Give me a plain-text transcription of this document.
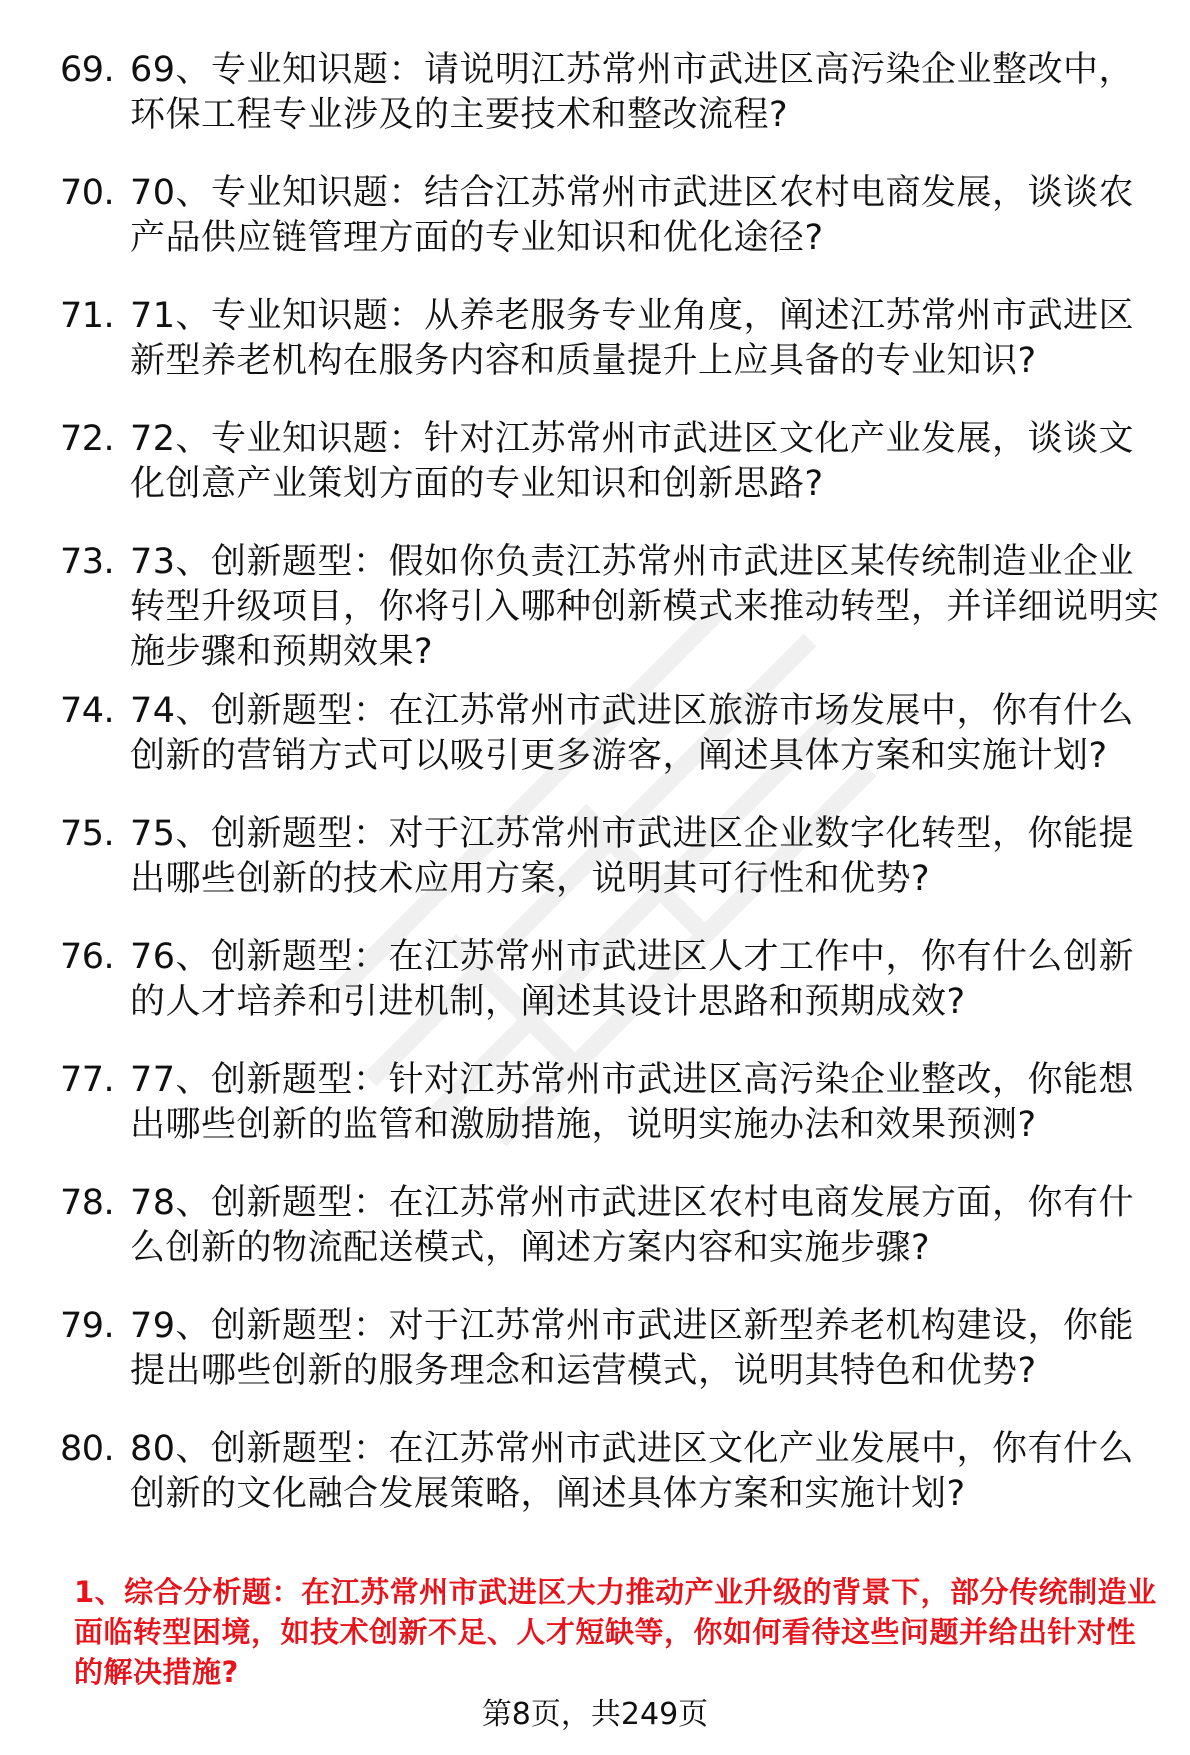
69. 69、专业知识题：请说明江苏常州市武进区高污染企业整改中，环保工程专业涉及的主要技术和整改流程?
70. 70、专业知识题：结合江苏常州市武进区农村电商发展，谈谈农产品供应链管理方面的专业知识和优化途径?
71. 71、专业知识题：从养老服务专业角度，阐述江苏常州市武进区新型养老机构在服务内容和质量提升上应具备的专业知识?
72. 72、专业知识题：针对江苏常州市武进区文化产业发展，谈谈文化创意产业策划方面的专业知识和创新思路?
73. 73、创新题型：假如你负责江苏常州市武进区某传统制造业企业转型升级项目，你将引入哪种创新模式来推动转型，并详细说明实施步骤和预期效果?
74. 74、创新题型：在江苏常州市武进区旅游市场发展中，你有什么创新的营销方式可以吸引更多游客，阐述具体方案和实施计划?
75. 75、创新题型：对于江苏常州市武进区企业数字化转型，你能提出哪些创新的技术应用方案，说明其可行性和优势?
76. 76、创新题型：在江苏常州市武进区人才工作中，你有什么创新的人才培养和引进机制，阐述其设计思路和预期成效?
77. 77、创新题型：针对江苏常州市武进区高污染企业整改，你能想出哪些创新的监管和激励措施，说明实施办法和效果预测?
78. 78、创新题型：在江苏常州市武进区农村电商发展方面，你有什么创新的物流配送模式，阐述方案内容和实施步骤?
79. 79、创新题型：对于江苏常州市武进区新型养老机构建设，你能提出哪些创新的服务理念和运营模式，说明其特色和优势?
80. 80、创新题型：在江苏常州市武进区文化产业发展中，你有什么创新的文化融合发展策略，阐述具体方案和实施计划?

1、综合分析题：在江苏常州市武进区大力推动产业升级的背景下，部分传统制造业面临转型困境，如技术创新不足、人才短缺等，你如何看待这些问题并给出针对性的解决措施?

第8页，共249页
